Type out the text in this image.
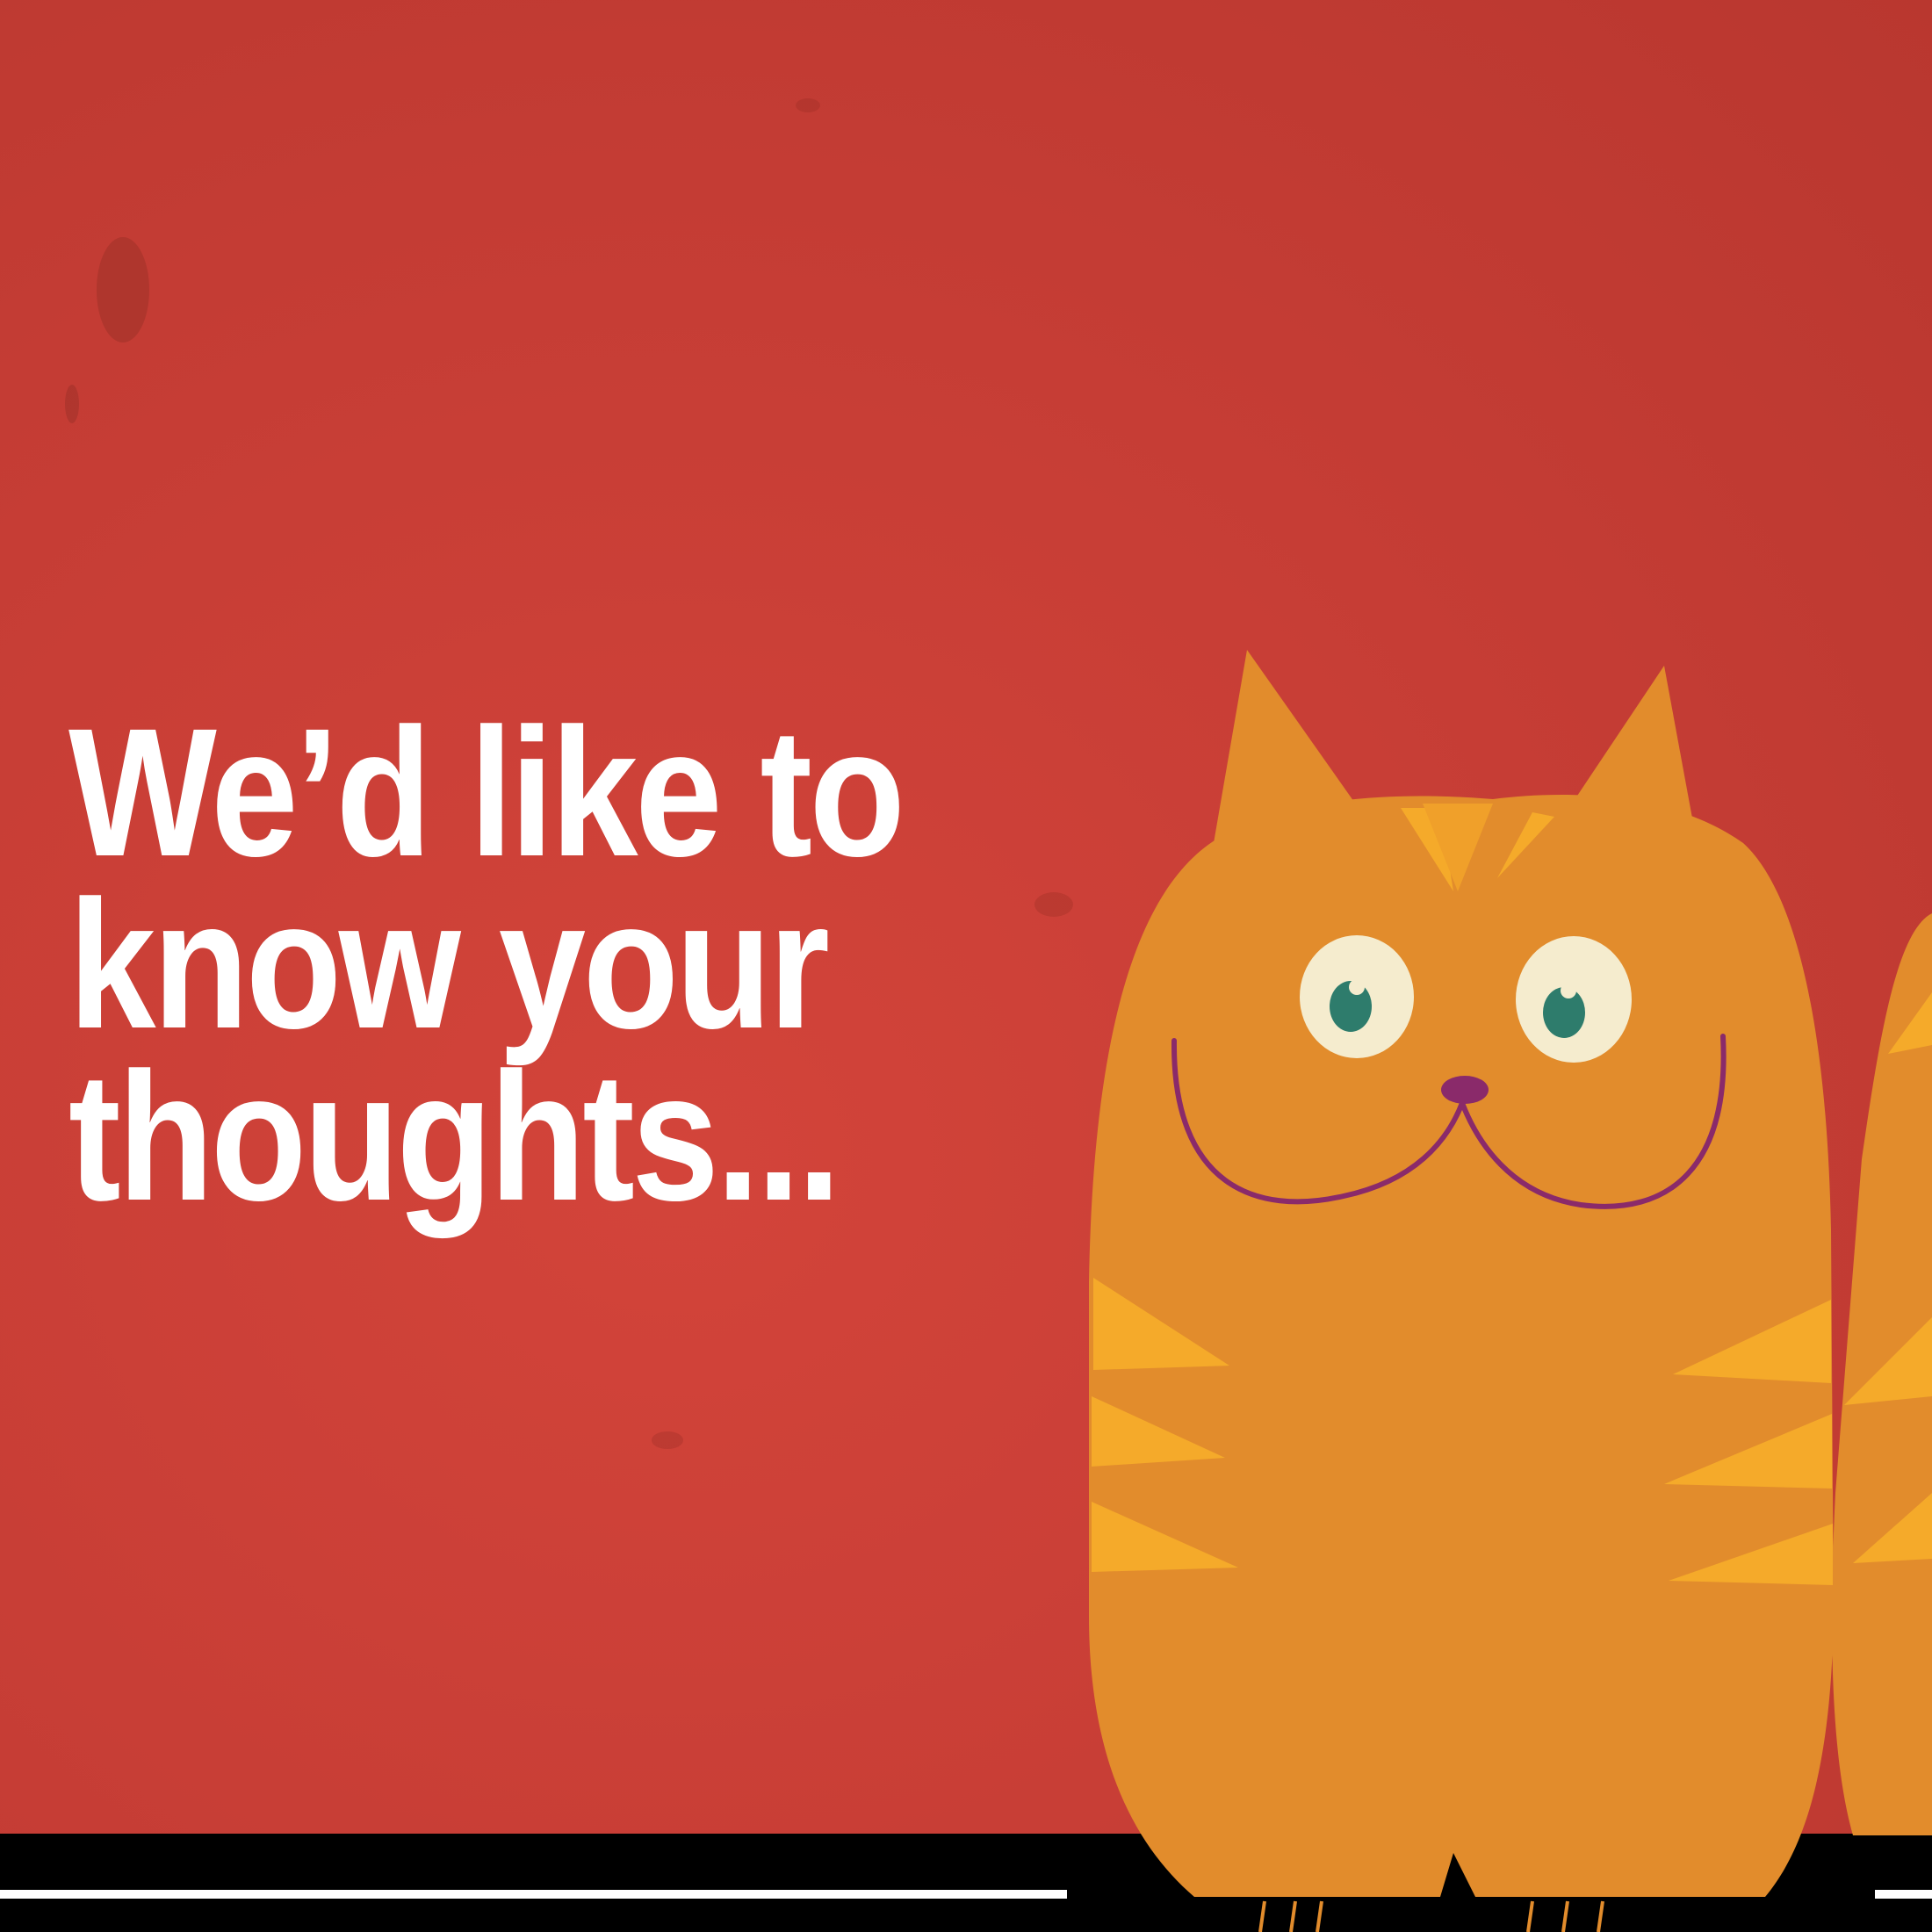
We’d like to
know your
thoughts...
